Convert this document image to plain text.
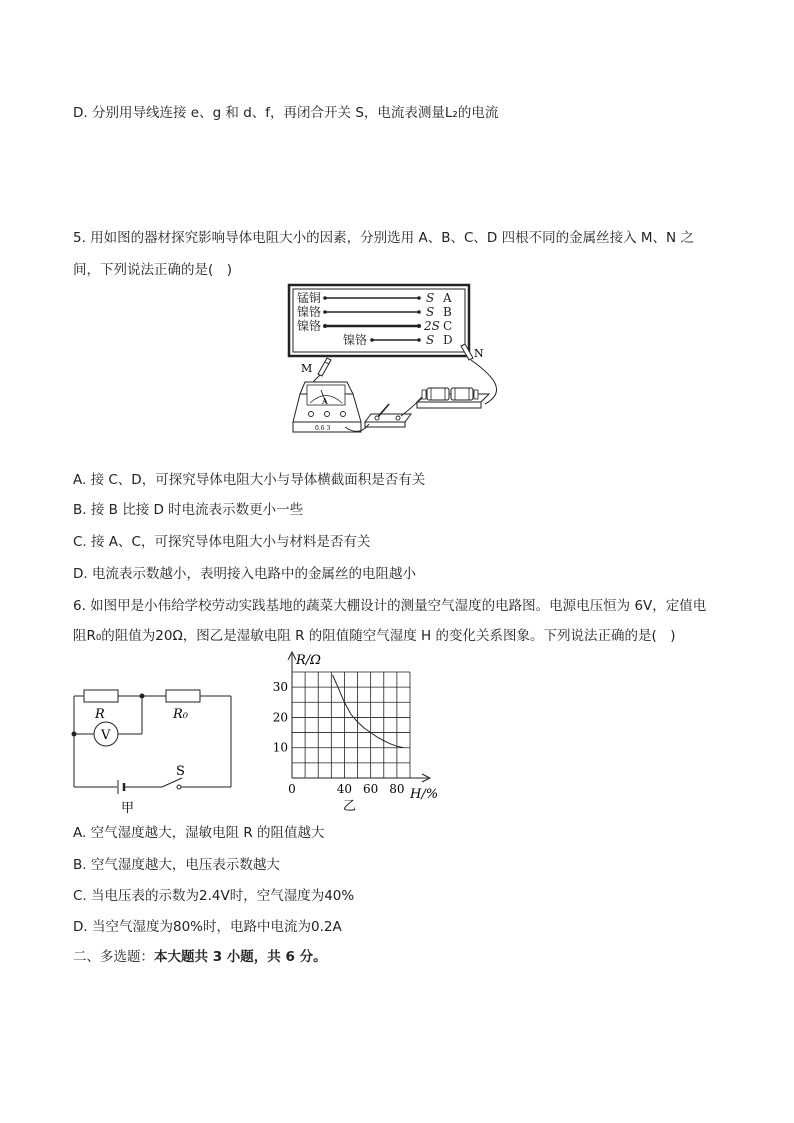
D. 分别用导线连接 e、g 和 d、f，再闭合开关 S，电流表测量L₂的电流
5. 用如图的器材探究影响导体电阻大小的因素，分别选用 A、B、C、D 四根不同的金属丝接入 M、N 之
间，下列说法正确的是(　)
锰铜	S A
镍铬	S B
镍铬	2S C
镍铬	S D
M
N
A
0.6 3
A. 接 C、D，可探究导体电阻大小与导体横截面积是否有关
B. 接 B 比接 D 时电流表示数更小一些
C. 接 A、C，可探究导体电阻大小与材料是否有关
D. 电流表示数越小，表明接入电路中的金属丝的电阻越小
6. 如图甲是小伟给学校劳动实践基地的蔬菜大棚设计的测量空气湿度的电路图。电源电压恒为 6V，定值电
阻R₀的阻值为20Ω，图乙是湿敏电阻 R 的阻值随空气湿度 H 的变化关系图象。下列说法正确的是(　)
R	R₀
V
S
甲
10
20
30
0	40 60 80
R/Ω
H/%
乙
A. 空气湿度越大，湿敏电阻 R 的阻值越大
B. 空气湿度越大，电压表示数越大
C. 当电压表的示数为2.4V时，空气湿度为40%
D. 当空气湿度为80%时，电路中电流为0.2A
二、多选题：本大题共 3 小题，共 6 分。
